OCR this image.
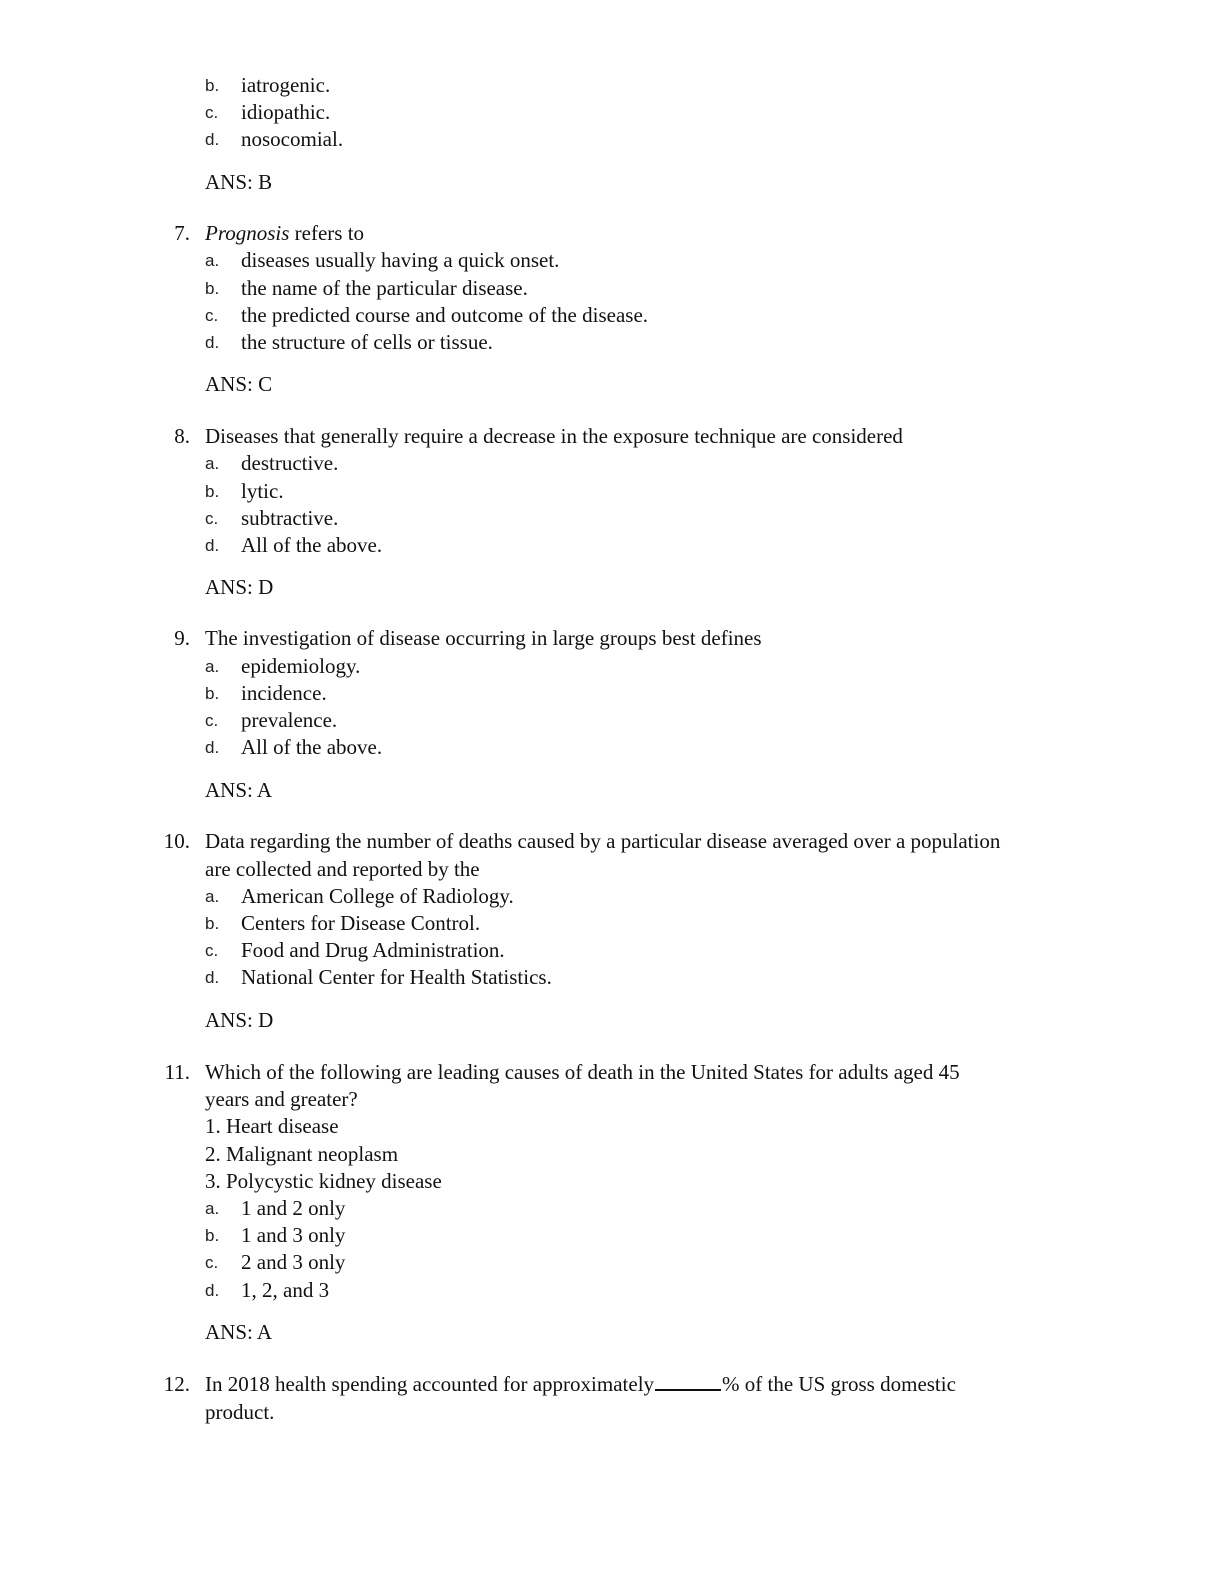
b. iatrogenic.
c. idiopathic.
d. nosocomial.
ANS: B
7. Prognosis refers to
a. diseases usually having a quick onset.
b. the name of the particular disease.
c. the predicted course and outcome of the disease.
d. the structure of cells or tissue.
ANS: C
8. Diseases that generally require a decrease in the exposure technique are considered
a. destructive.
b. lytic.
c. subtractive.
d. All of the above.
ANS: D
9. The investigation of disease occurring in large groups best defines
a. epidemiology.
b. incidence.
c. prevalence.
d. All of the above.
ANS: A
10. Data regarding the number of deaths caused by a particular disease averaged over a population
are collected and reported by the
a. American College of Radiology.
b. Centers for Disease Control.
c. Food and Drug Administration.
d. National Center for Health Statistics.
ANS: D
11. Which of the following are leading causes of death in the United States for adults aged 45
years and greater?
1. Heart disease
2. Malignant neoplasm
3. Polycystic kidney disease
a. 1 and 2 only
b. 1 and 3 only
c. 2 and 3 only
d. 1, 2, and 3
ANS: A
12. In 2018 health spending accounted for approximately	% of the US gross domestic
product.
